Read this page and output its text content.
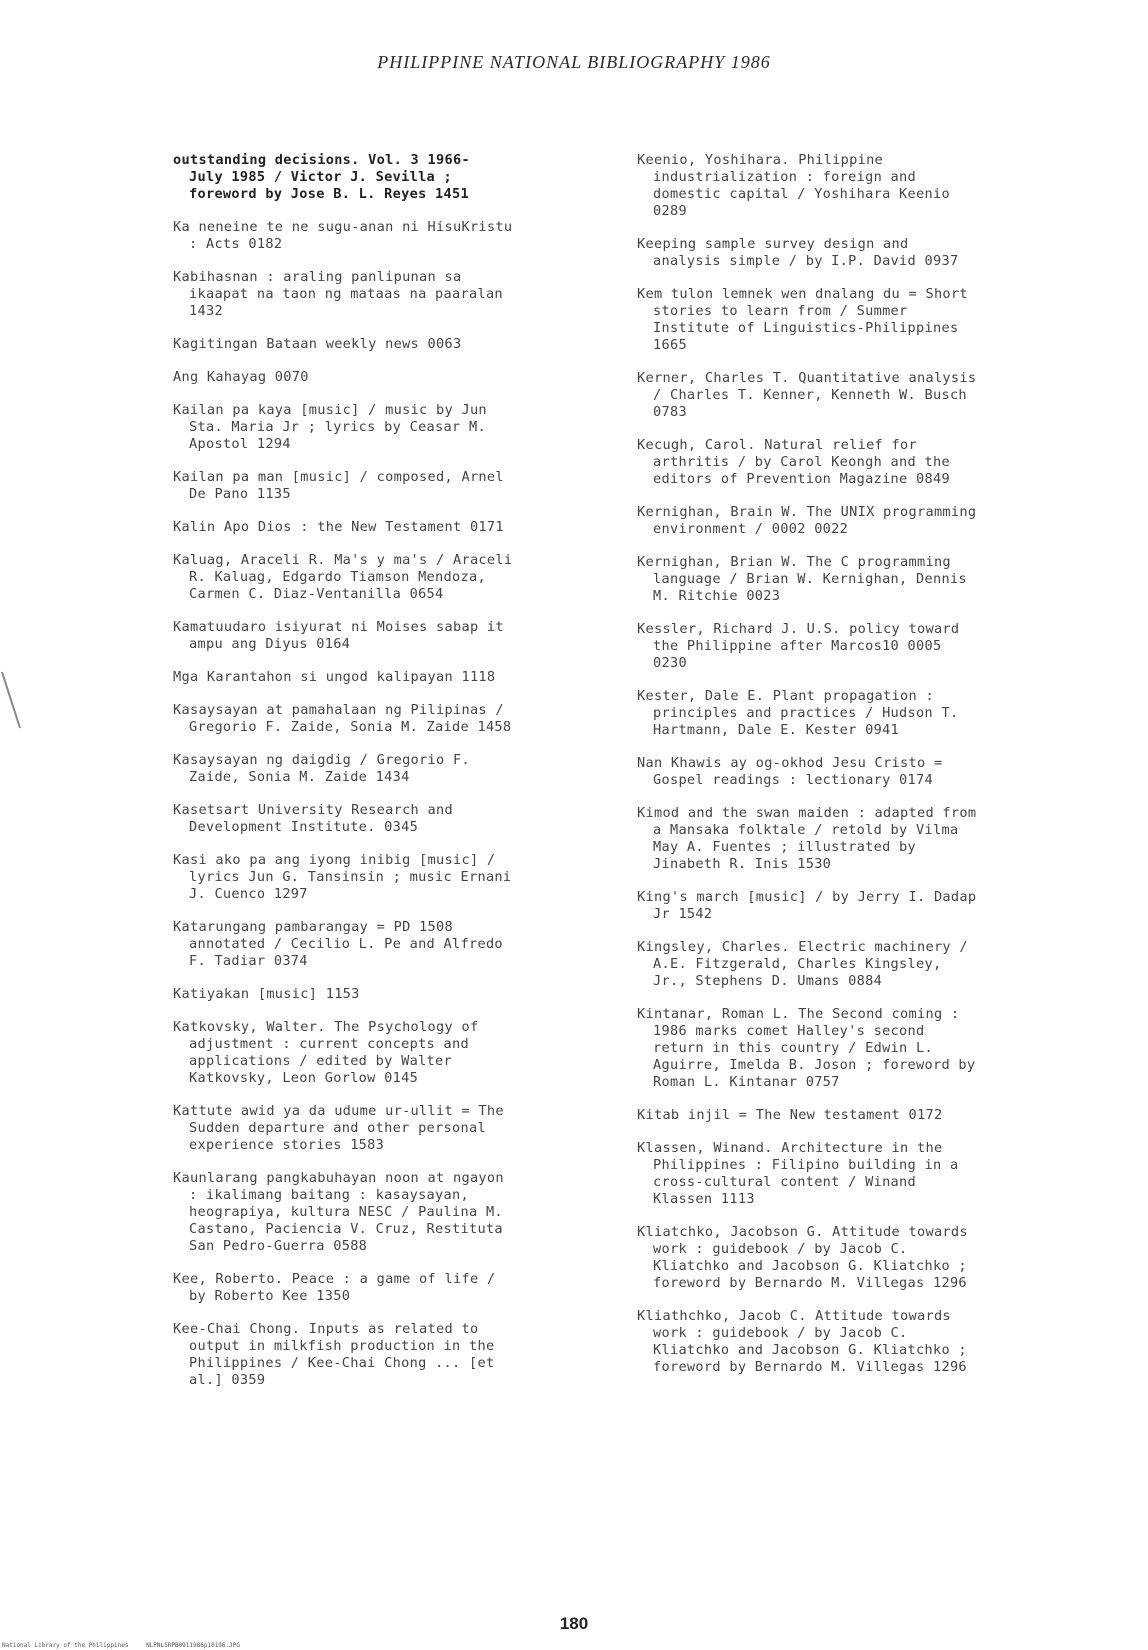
PHILIPPINE NATIONAL BIBLIOGRAPHY 1986
outstanding decisions. Vol. 3 1966-
July 1985 / Victor J. Sevilla ;
foreword by Jose B. L. Reyes 1451
Ka neneine te ne sugu-anan ni HisuKristu
: Acts 0182
Kabihasnan : araling panlipunan sa
ikaapat na taon ng mataas na paaralan
1432
Kagitingan Bataan weekly news 0063
Ang Kahayag 0070
Kailan pa kaya [music] / music by Jun
Sta. Maria Jr ; lyrics by Ceasar M.
Apostol 1294
Kailan pa man [music] / composed, Arnel
De Pano 1135
Kalin Apo Dios : the New Testament 0171
Kaluag, Araceli R. Ma's y ma's / Araceli
R. Kaluag, Edgardo Tiamson Mendoza,
Carmen C. Diaz-Ventanilla 0654
Kamatuudaro isiyurat ni Moises sabap it
ampu ang Diyus 0164
Mga Karantahon si ungod kalipayan 1118
Kasaysayan at pamahalaan ng Pilipinas /
Gregorio F. Zaide, Sonia M. Zaide 1458
Kasaysayan ng daigdig / Gregorio F.
Zaide, Sonia M. Zaide 1434
Kasetsart University Research and
Development Institute. 0345
Kasi ako pa ang iyong inibig [music] /
lyrics Jun G. Tansinsin ; music Ernani
J. Cuenco 1297
Katarungang pambarangay = PD 1508
annotated / Cecilio L. Pe and Alfredo
F. Tadiar 0374
Katiyakan [music] 1153
Katkovsky, Walter. The Psychology of
adjustment : current concepts and
applications / edited by Walter
Katkovsky, Leon Gorlow 0145
Kattute awid ya da udume ur-ullit = The
Sudden departure and other personal
experience stories 1583
Kaunlarang pangkabuhayan noon at ngayon
: ikalimang baitang : kasaysayan,
heograpiya, kultura NESC / Paulina M.
Castano, Paciencia V. Cruz, Restituta
San Pedro-Guerra 0588
Kee, Roberto. Peace : a game of life /
by Roberto Kee 1350
Kee-Chai Chong. Inputs as related to
output in milkfish production in the
Philippines / Kee-Chai Chong ... [et
al.] 0359
Keenio, Yoshihara. Philippine
industrialization : foreign and
domestic capital / Yoshihara Keenio
0289
Keeping sample survey design and
analysis simple / by I.P. David 0937
Kem tulon lemnek wen dnalang du = Short
stories to learn from / Summer
Institute of Linguistics-Philippines
1665
Kerner, Charles T. Quantitative analysis
/ Charles T. Kenner, Kenneth W. Busch
0783
Kecugh, Carol. Natural relief for
arthritis / by Carol Keongh and the
editors of Prevention Magazine 0849
Kernighan, Brain W. The UNIX programming
environment / 0002 0022
Kernighan, Brian W. The C programming
language / Brian W. Kernighan, Dennis
M. Ritchie 0023
Kessler, Richard J. U.S. policy toward
the Philippine after Marcos10 0005
0230
Kester, Dale E. Plant propagation :
principles and practices / Hudson T.
Hartmann, Dale E. Kester 0941
Nan Khawis ay og-okhod Jesu Cristo =
Gospel readings : lectionary 0174
Kimod and the swan maiden : adapted from
a Mansaka folktale / retold by Vilma
May A. Fuentes ; illustrated by
Jinabeth R. Inis 1530
King's march [music] / by Jerry I. Dadap
Jr 1542
Kingsley, Charles. Electric machinery /
A.E. Fitzgerald, Charles Kingsley,
Jr., Stephens D. Umans 0884
Kintanar, Roman L. The Second coming :
1986 marks comet Halley's second
return in this country / Edwin L.
Aguirre, Imelda B. Joson ; foreword by
Roman L. Kintanar 0757
Kitab injil = The New testament 0172
Klassen, Winand. Architecture in the
Philippines : Filipino building in a
cross-cultural content / Winand
Klassen 1113
Kliatchko, Jacobson G. Attitude towards
work : guidebook / by Jacob C.
Kliatchko and Jacobson G. Kliatchko ;
foreword by Bernardo M. Villegas 1296
Kliathchko, Jacob C. Attitude towards
work : guidebook / by Jacob C.
Kliatchko and Jacobson G. Kliatchko ;
foreword by Bernardo M. Villegas 1296
180
National Library of the Philippines	NLPNLSRPB0911986p10196.JPG
